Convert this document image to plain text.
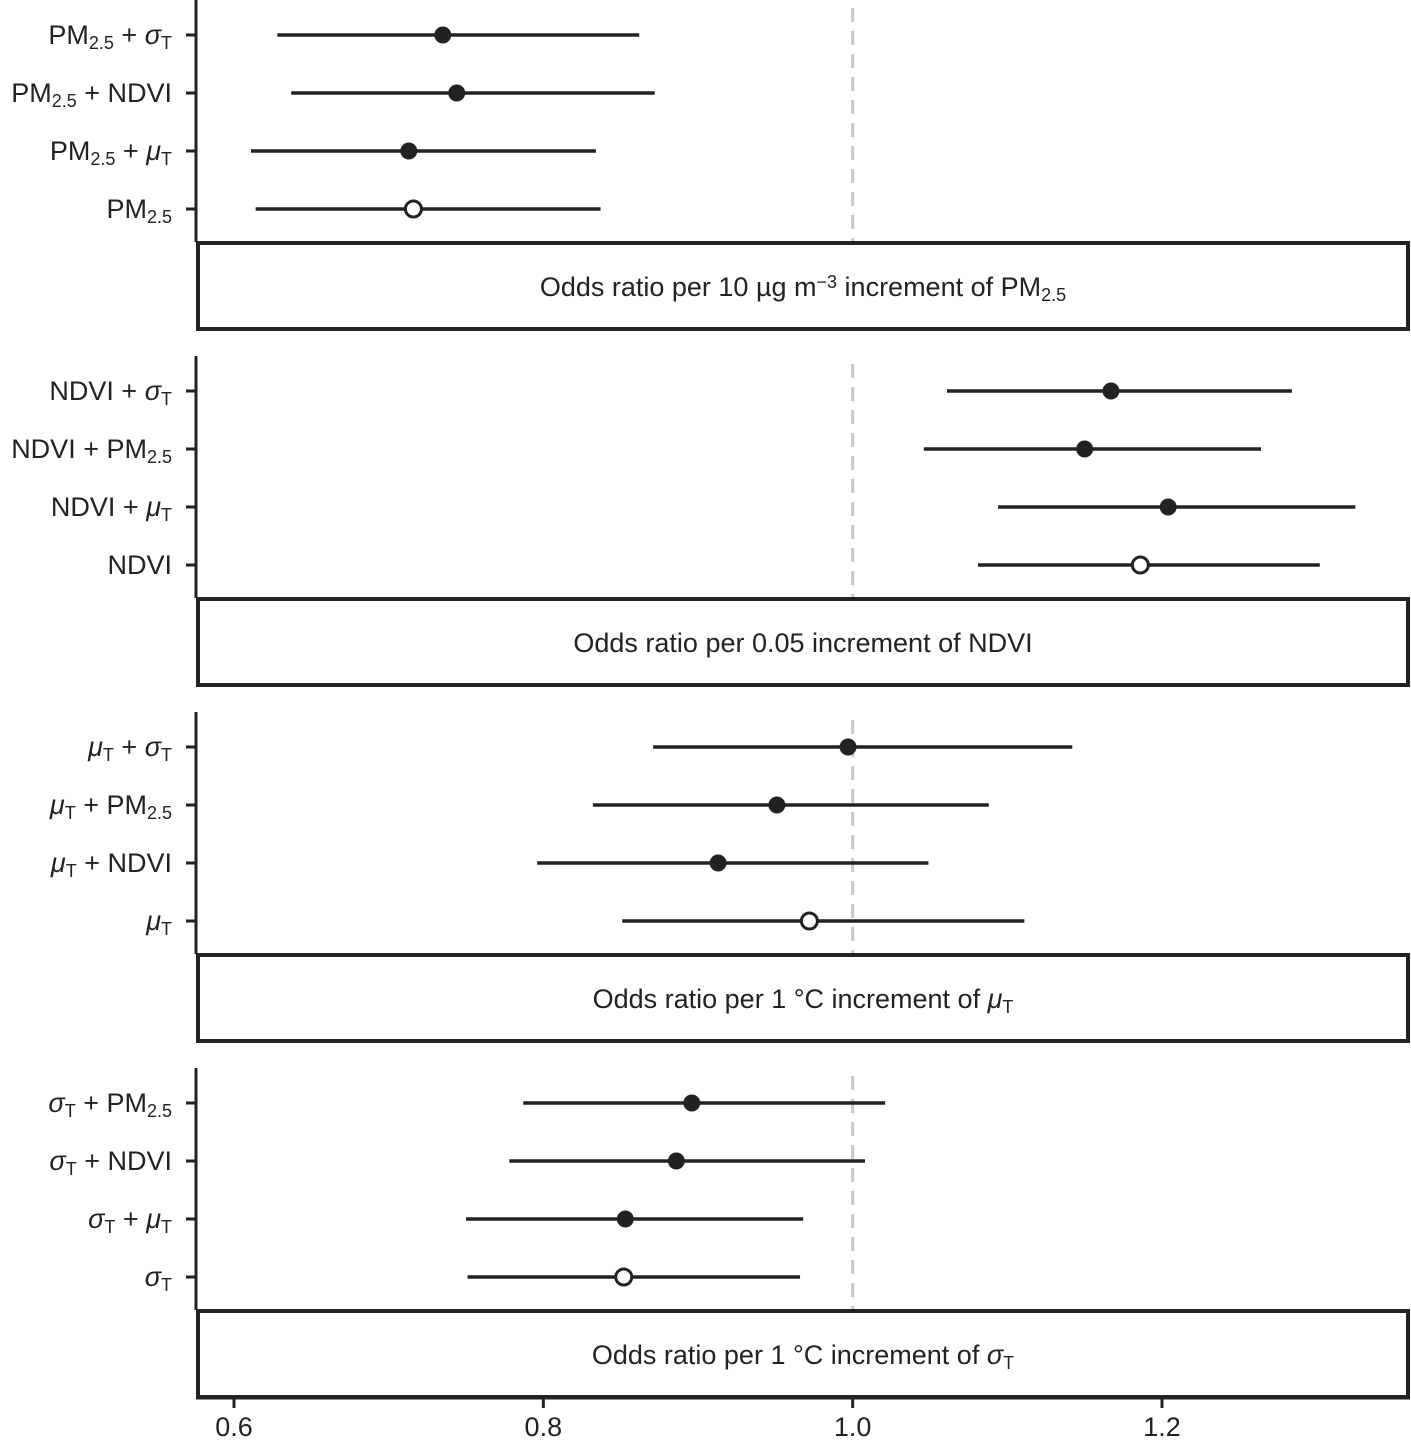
PM2.5 + σT
PM2.5 + NDVI
PM2.5 + μT
PM2.5
Odds ratio per 10 µg m−3 increment of PM2.5
NDVI + σT
NDVI + PM2.5
NDVI + μT
NDVI
Odds ratio per 0.05 increment of NDVI
μT + σT
μT + PM2.5
μT + NDVI
μT
Odds ratio per 1 °C increment of μT
σT + PM2.5
σT + NDVI
σT + μT
σT
Odds ratio per 1 °C increment of σT
0.6	0.8	1.0	1.2
